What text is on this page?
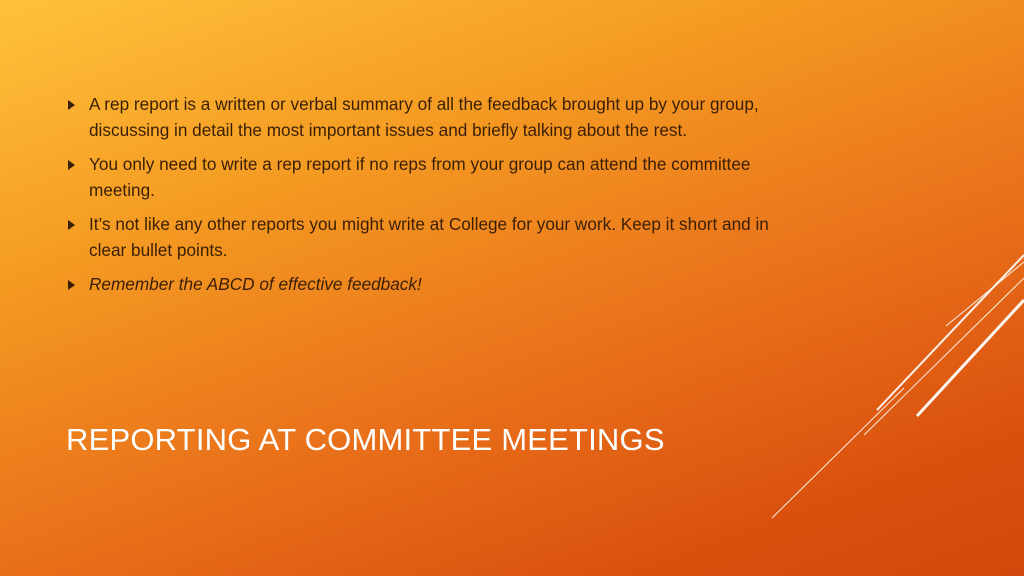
A rep report is a written or verbal summary of all the feedback brought up by your group, discussing in detail the most important issues and briefly talking about the rest.
You only need to write a rep report if no reps from your group can attend the committee meeting.
It’s not like any other reports you might write at College for your work. Keep it short and in clear bullet points.
Remember the ABCD of effective feedback!
REPORTING AT COMMITTEE MEETINGS
